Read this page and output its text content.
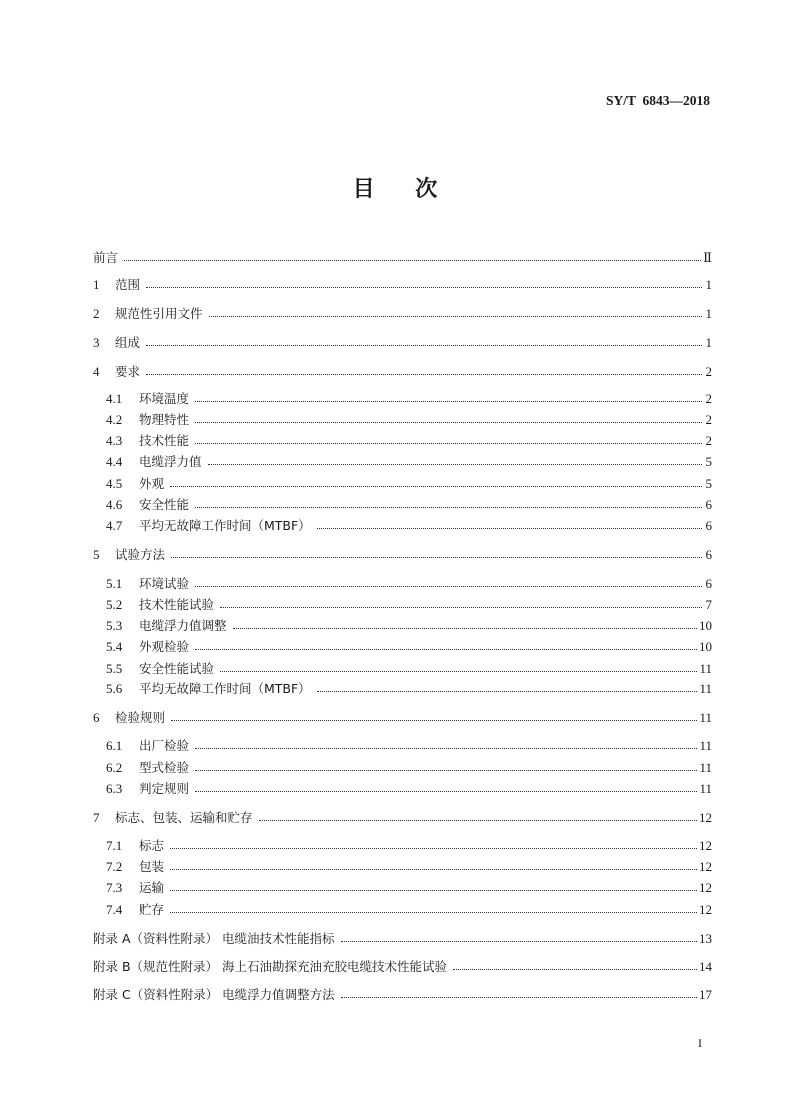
SY/T  6843—2018
目    次
前言	Ⅱ
1	范围	1
2	规范性引用文件	1
3	组成	1
4	要求	2
4.1	环境温度	2
4.2	物理特性	2
4.3	技术性能	2
4.4	电缆浮力值	5
4.5	外观	5
4.6	安全性能	6
4.7	平均无故障工作时间（MTBF）	6
5	试验方法	6
5.1	环境试验	6
5.2	技术性能试验	7
5.3	电缆浮力值调整	10
5.4	外观检验	10
5.5	安全性能试验	11
5.6	平均无故障工作时间（MTBF）	11
6	检验规则	11
6.1	出厂检验	11
6.2	型式检验	11
6.3	判定规则	11
7	标志、包装、运输和贮存	12
7.1	标志	12
7.2	包装	12
7.3	运输	12
7.4	贮存	12
附录 A（资料性附录） 电缆油技术性能指标	13
附录 B（规范性附录） 海上石油勘探充油充胶电缆技术性能试验	14
附录 C（资料性附录） 电缆浮力值调整方法	17
I
